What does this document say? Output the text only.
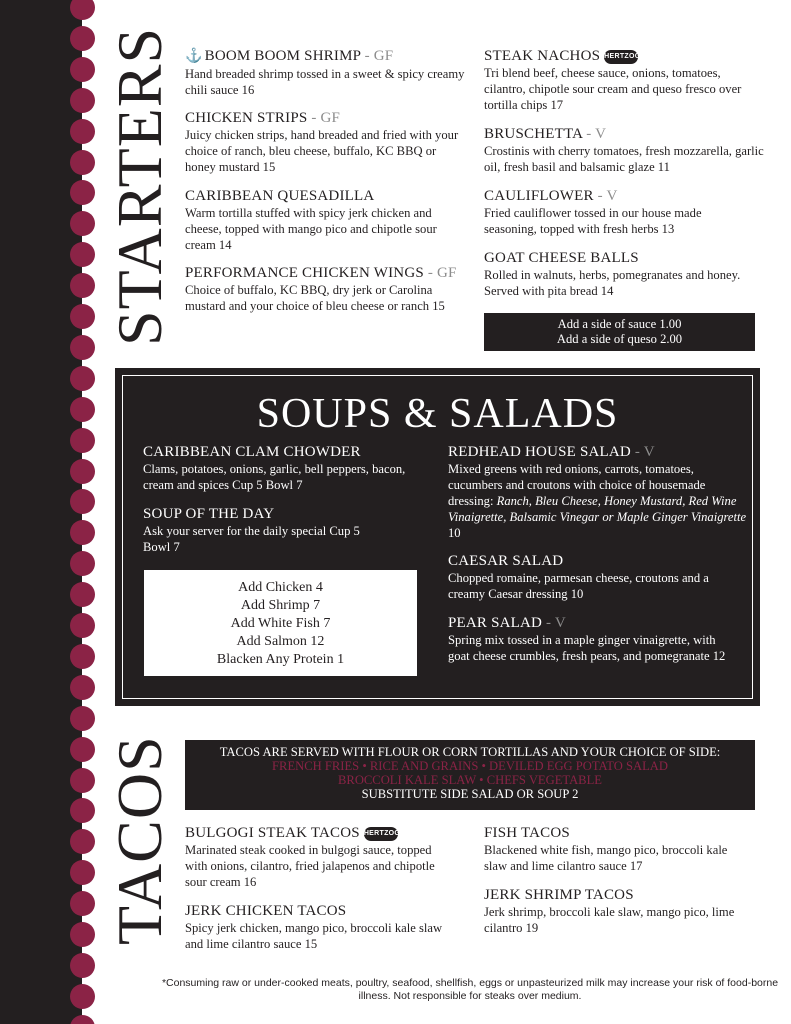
STARTERS ⚓ BOOM BOOM SHRIMP - GF
Hand breaded shrimp tossed in a sweet & spicy creamy chili sauce 16
CHICKEN STRIPS - GF
Juicy chicken strips, hand breaded and fried with your choice of ranch, bleu cheese, buffalo, KC BBQ or honey mustard 15
CARIBBEAN QUESADILLA
Warm tortilla stuffed with spicy jerk chicken and cheese, topped with mango pico and chipotle sour cream 14
PERFORMANCE CHICKEN WINGS - GF
Choice of buffalo, KC BBQ, dry jerk or Carolina mustard and your choice of bleu cheese or ranch 15
STEAK NACHOS HERTZOG
Tri blend beef, cheese sauce, onions, tomatoes, cilantro, chipotle sour cream and queso fresco over tortilla chips 17
BRUSCHETTA - V
Crostinis with cherry tomatoes, fresh mozzarella, garlic oil, fresh basil and balsamic glaze 11
CAULIFLOWER - V
Fried cauliflower tossed in our house made seasoning, topped with fresh herbs 13
GOAT CHEESE BALLS
Rolled in walnuts, herbs, pomegranates and honey. Served with pita bread 14
Add a side of sauce 1.00
Add a side of queso 2.00
SOUPS & SALADS
CARIBBEAN CLAM CHOWDER
Clams, potatoes, onions, garlic, bell peppers, bacon, cream and spices Cup 5 Bowl 7
SOUP OF THE DAY
Ask your server for the daily special Cup 5 Bowl 7
Add Chicken 4
Add Shrimp 7
Add White Fish 7
Add Salmon 12
Blacken Any Protein 1
REDHEAD HOUSE SALAD - V
Mixed greens with red onions, carrots, tomatoes, cucumbers and croutons with choice of housemade dressing: Ranch, Bleu Cheese, Honey Mustard, Red Wine Vinaigrette, Balsamic Vinegar or Maple Ginger Vinaigrette 10
CAESAR SALAD
Chopped romaine, parmesan cheese, croutons and a creamy Caesar dressing 10
PEAR SALAD - V
Spring mix tossed in a maple ginger vinaigrette, with goat cheese crumbles, fresh pears, and pomegranate 12
TACOS	TACOS ARE SERVED WITH FLOUR OR CORN TORTILLAS AND YOUR CHOICE OF SIDE:
FRENCH FRIES • RICE AND GRAINS • DEVILED EGG POTATO SALAD
BROCCOLI KALE SLAW • CHEFS VEGETABLE
SUBSTITUTE SIDE SALAD OR SOUP 2
BULGOGI STEAK TACOS HERTZOG
Marinated steak cooked in bulgogi sauce, topped with onions, cilantro, fried jalapenos and chipotle sour cream 16
JERK CHICKEN TACOS
Spicy jerk chicken, mango pico, broccoli kale slaw and lime cilantro sauce 15
FISH TACOS
Blackened white fish, mango pico, broccoli kale slaw and lime cilantro sauce 17
JERK SHRIMP TACOS
Jerk shrimp, broccoli kale slaw, mango pico, lime cilantro 19
*Consuming raw or under-cooked meats, poultry, seafood, shellfish, eggs or unpasteurized milk may increase your risk of food-borne illness. Not responsible for steaks over medium.
